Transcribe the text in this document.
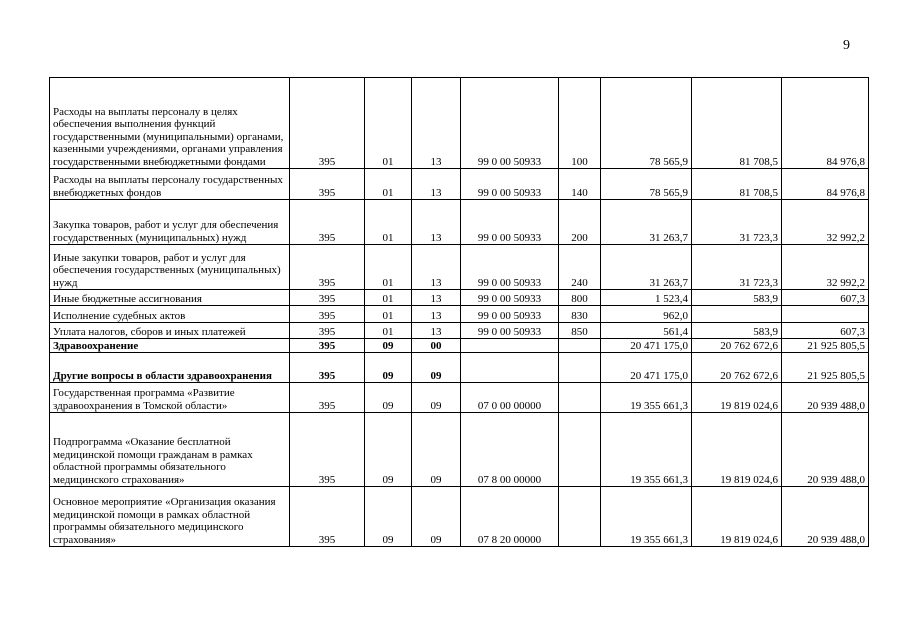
9
Расходы на выплаты персоналу в целях обеспечения выполнения функций государственными (муниципальными) органами, казенными учреждениями, органами управления государственными внебюджетными фондами	395	01	13	99 0 00 50933	100	78 565,9	81 708,5	84 976,8
Расходы на выплаты персоналу государственных внебюджетных фондов	395	01	13	99 0 00 50933	140	78 565,9	81 708,5	84 976,8
Закупка товаров, работ и услуг для обеспечения государственных (муниципальных) нужд	395	01	13	99 0 00 50933	200	31 263,7	31 723,3	32 992,2
Иные закупки товаров, работ и услуг для обеспечения государственных (муниципальных) нужд	395	01	13	99 0 00 50933	240	31 263,7	31 723,3	32 992,2
Иные бюджетные ассигнования	395	01	13	99 0 00 50933	800	1 523,4	583,9	607,3
Исполнение судебных актов	395	01	13	99 0 00 50933	830	962,0		
Уплата налогов, сборов и иных платежей	395	01	13	99 0 00 50933	850	561,4	583,9	607,3
Здравоохранение	395	09	00			20 471 175,0	20 762 672,6	21 925 805,5
Другие вопросы в области здравоохранения	395	09	09			20 471 175,0	20 762 672,6	21 925 805,5
Государственная программа «Развитие здравоохранения в Томской области»	395	09	09	07 0 00 00000		19 355 661,3	19 819 024,6	20 939 488,0
Подпрограмма «Оказание бесплатной медицинской помощи гражданам в рамках областной программы обязательного медицинского страхования»	395	09	09	07 8 00 00000		19 355 661,3	19 819 024,6	20 939 488,0
Основное мероприятие «Организация оказания медицинской помощи в рамках областной программы обязательного медицинского страхования»	395	09	09	07 8 20 00000		19 355 661,3	19 819 024,6	20 939 488,0
